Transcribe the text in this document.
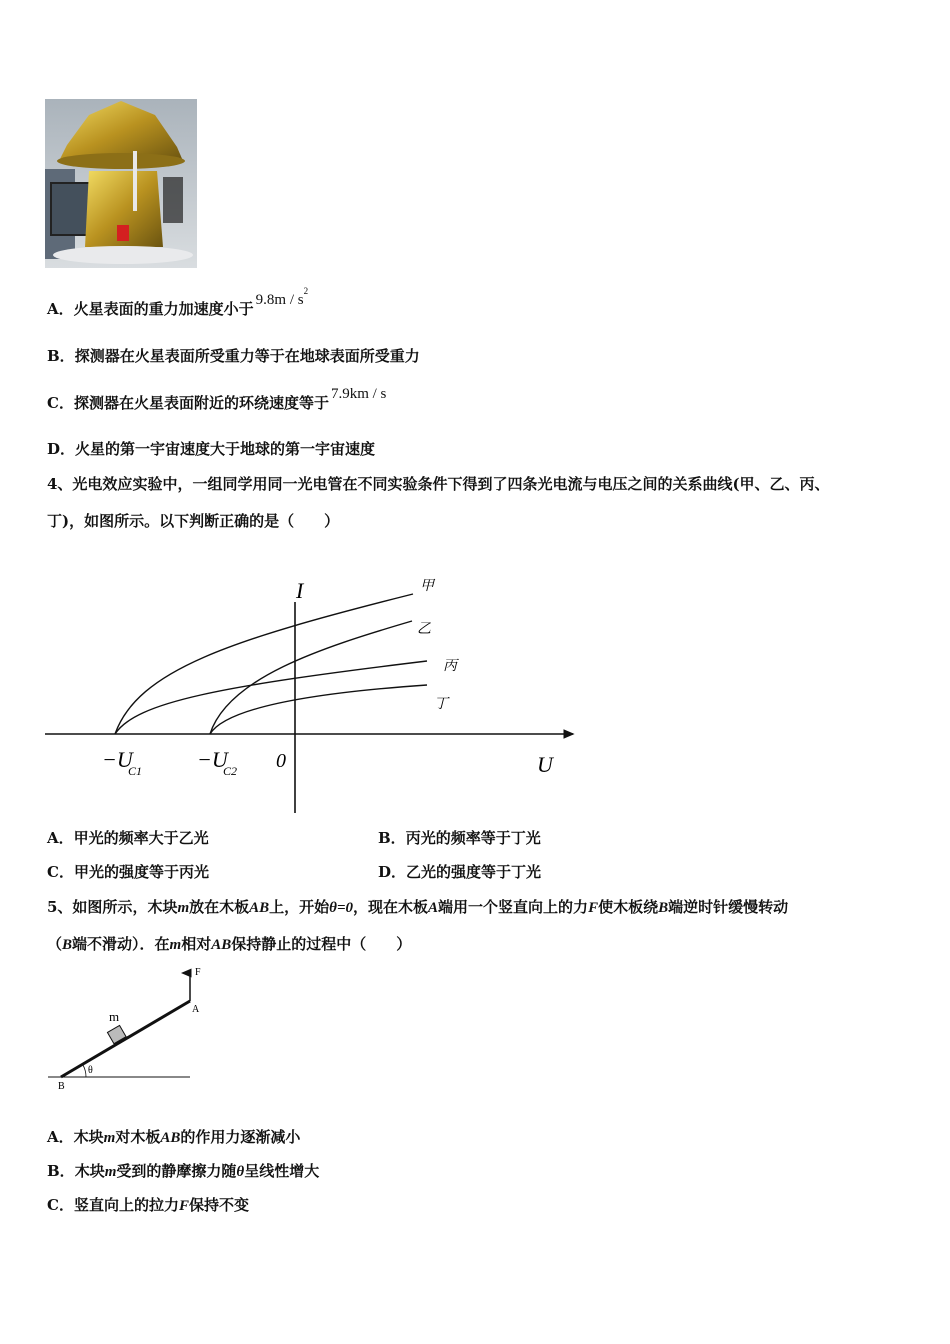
A．火星表面的重力加速度小于 $9.8m / s^2$
B．探测器在火星表面所受重力等于在地球表面所受重力
C．探测器在火星表面附近的环绕速度等于 7.9km / s
D．火星的第一宇宙速度大于地球的第一宇宙速度
4、光电效应实验中，一组同学用同一光电管在不同实验条件下得到了四条光电流与电压之间的关系曲线(甲、乙、丙、
丁)，如图所示。以下判断正确的是（　　）
I
U
0
−U
C1 −U
C2
甲
乙
丙
丁
A．甲光的频率大于乙光	B．丙光的频率等于丁光
C．甲光的强度等于丙光	D．乙光的强度等于丁光
5、如图所示，木块m放在木板AB上，开始θ=0，现在木板A端用一个竖直向上的力F使木板绕B端逆时针缓慢转动
（B端不滑动）．在m相对AB保持静止的过程中（　　）
F
A
B
m
θ
A．木块m对木板AB的作用力逐渐减小
B．木块m受到的静摩擦力随θ呈线性增大
C．竖直向上的拉力F保持不变
